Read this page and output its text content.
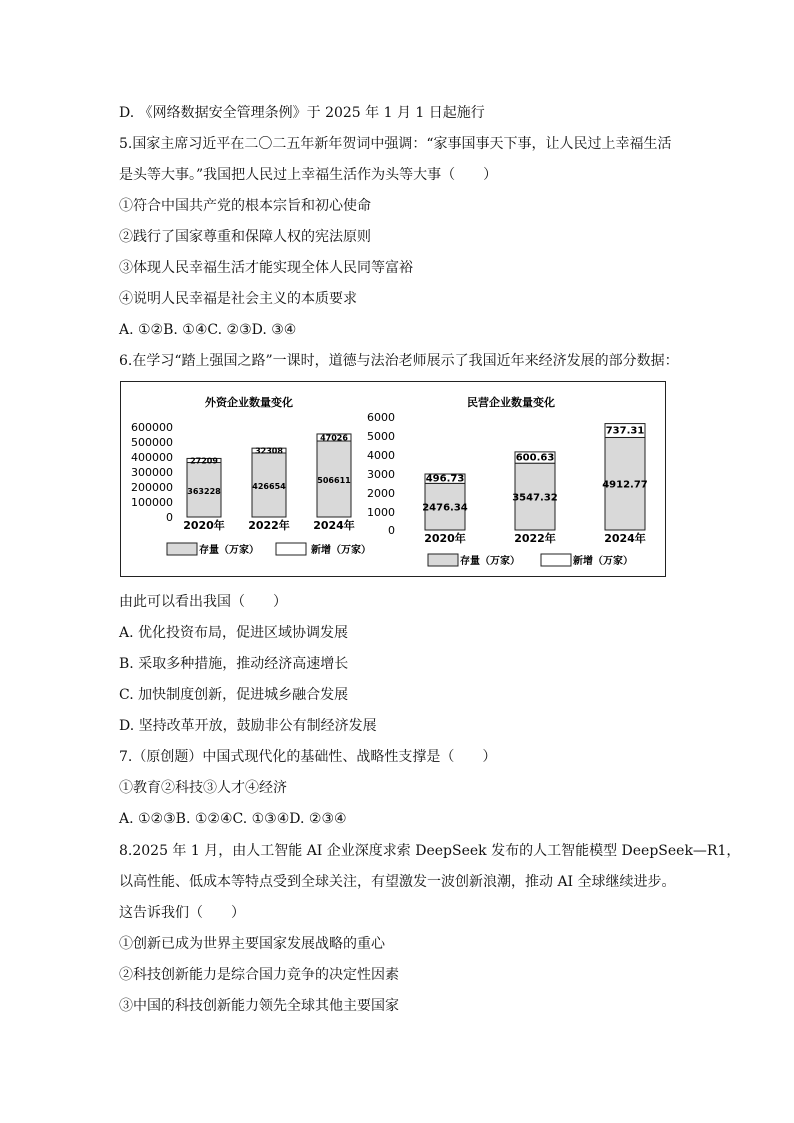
D. 《网络数据安全管理条例》于 2025 年 1 月 1 日起施行
5.国家主席习近平在二〇二五年新年贺词中强调：“家事国事天下事，让人民过上幸福生活
是头等大事。”我国把人民过上幸福生活作为头等大事（　　）
①符合中国共产党的根本宗旨和初心使命
②践行了国家尊重和保障人权的宪法原则
③体现人民幸福生活才能实现全体人民同等富裕
④说明人民幸福是社会主义的本质要求
A. ①②B. ①④C. ②③D. ③④
6.在学习“踏上强国之路”一课时，道德与法治老师展示了我国近年来经济发展的部分数据：
外资企业数量变化
600000
500000
400000
300000
200000
100000
0
363228
27209
2020年
426654
32308
2022年
506611
47026
2024年
存量（万家）	新增（万家）
民营企业数量变化
6000
5000
4000
3000
2000
1000
0
2476.34
496.73
2020年
3547.32
600.63
2022年
4912.77
737.31
2024年
存量（万家）	新增（万家）
由此可以看出我国（　　）
A. 优化投资布局，促进区域协调发展
B. 采取多种措施，推动经济高速增长
C. 加快制度创新，促进城乡融合发展
D. 坚持改革开放，鼓励非公有制经济发展
7.（原创题）中国式现代化的基础性、战略性支撑是（　　）
①教育②科技③人才④经济
A. ①②③B. ①②④C. ①③④D. ②③④
8.2025 年 1 月，由人工智能 AI 企业深度求索 DeepSeek 发布的人工智能模型 DeepSeek—R1，
以高性能、低成本等特点受到全球关注，有望激发一波创新浪潮，推动 AI 全球继续进步。
这告诉我们（　　）
①创新已成为世界主要国家发展战略的重心
②科技创新能力是综合国力竞争的决定性因素
③中国的科技创新能力领先全球其他主要国家
